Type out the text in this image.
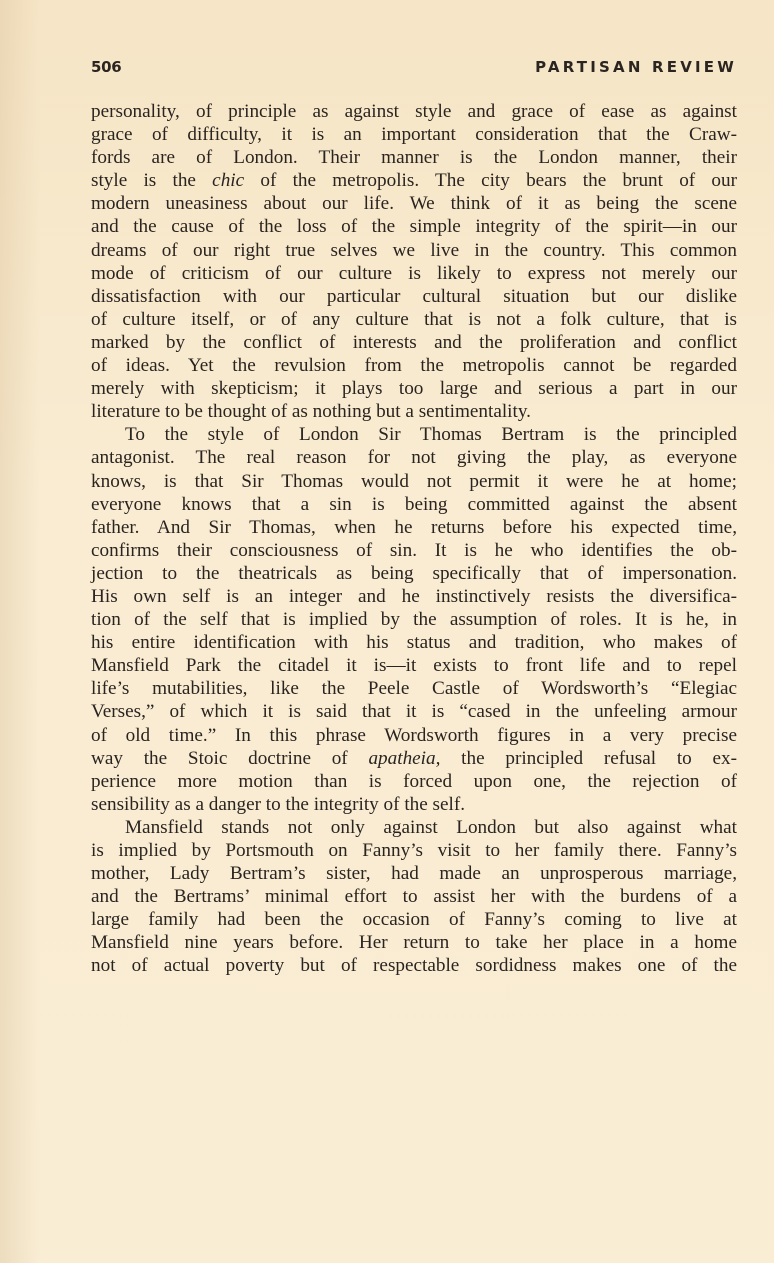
506	PARTISAN REVIEW
personality, of principle as against style and grace of ease as against
grace of difficulty, it is an important consideration that the Craw-
fords are of London. Their manner is the London manner, their
style is the chic of the metropolis. The city bears the brunt of our
modern uneasiness about our life. We think of it as being the scene
and the cause of the loss of the simple integrity of the spirit—in our
dreams of our right true selves we live in the country. This common
mode of criticism of our culture is likely to express not merely our
dissatisfaction with our particular cultural situation but our dislike
of culture itself, or of any culture that is not a folk culture, that is
marked by the conflict of interests and the proliferation and conflict
of ideas. Yet the revulsion from the metropolis cannot be regarded
merely with skepticism; it plays too large and serious a part in our
literature to be thought of as nothing but a sentimentality.
To the style of London Sir Thomas Bertram is the principled
antagonist. The real reason for not giving the play, as everyone
knows, is that Sir Thomas would not permit it were he at home;
everyone knows that a sin is being committed against the absent
father. And Sir Thomas, when he returns before his expected time,
confirms their consciousness of sin. It is he who identifies the ob-
jection to the theatricals as being specifically that of impersonation.
His own self is an integer and he instinctively resists the diversifica-
tion of the self that is implied by the assumption of roles. It is he, in
his entire identification with his status and tradition, who makes of
Mansfield Park the citadel it is—it exists to front life and to repel
life’s mutabilities, like the Peele Castle of Wordsworth’s “Elegiac
Verses,” of which it is said that it is “cased in the unfeeling armour
of old time.” In this phrase Wordsworth figures in a very precise
way the Stoic doctrine of apatheia, the principled refusal to ex-
perience more motion than is forced upon one, the rejection of
sensibility as a danger to the integrity of the self.
Mansfield stands not only against London but also against what
is implied by Portsmouth on Fanny’s visit to her family there. Fanny’s
mother, Lady Bertram’s sister, had made an unprosperous marriage,
and the Bertrams’ minimal effort to assist her with the burdens of a
large family had been the occasion of Fanny’s coming to live at
Mansfield nine years before. Her return to take her place in a home
not of actual poverty but of respectable sordidness makes one of the
